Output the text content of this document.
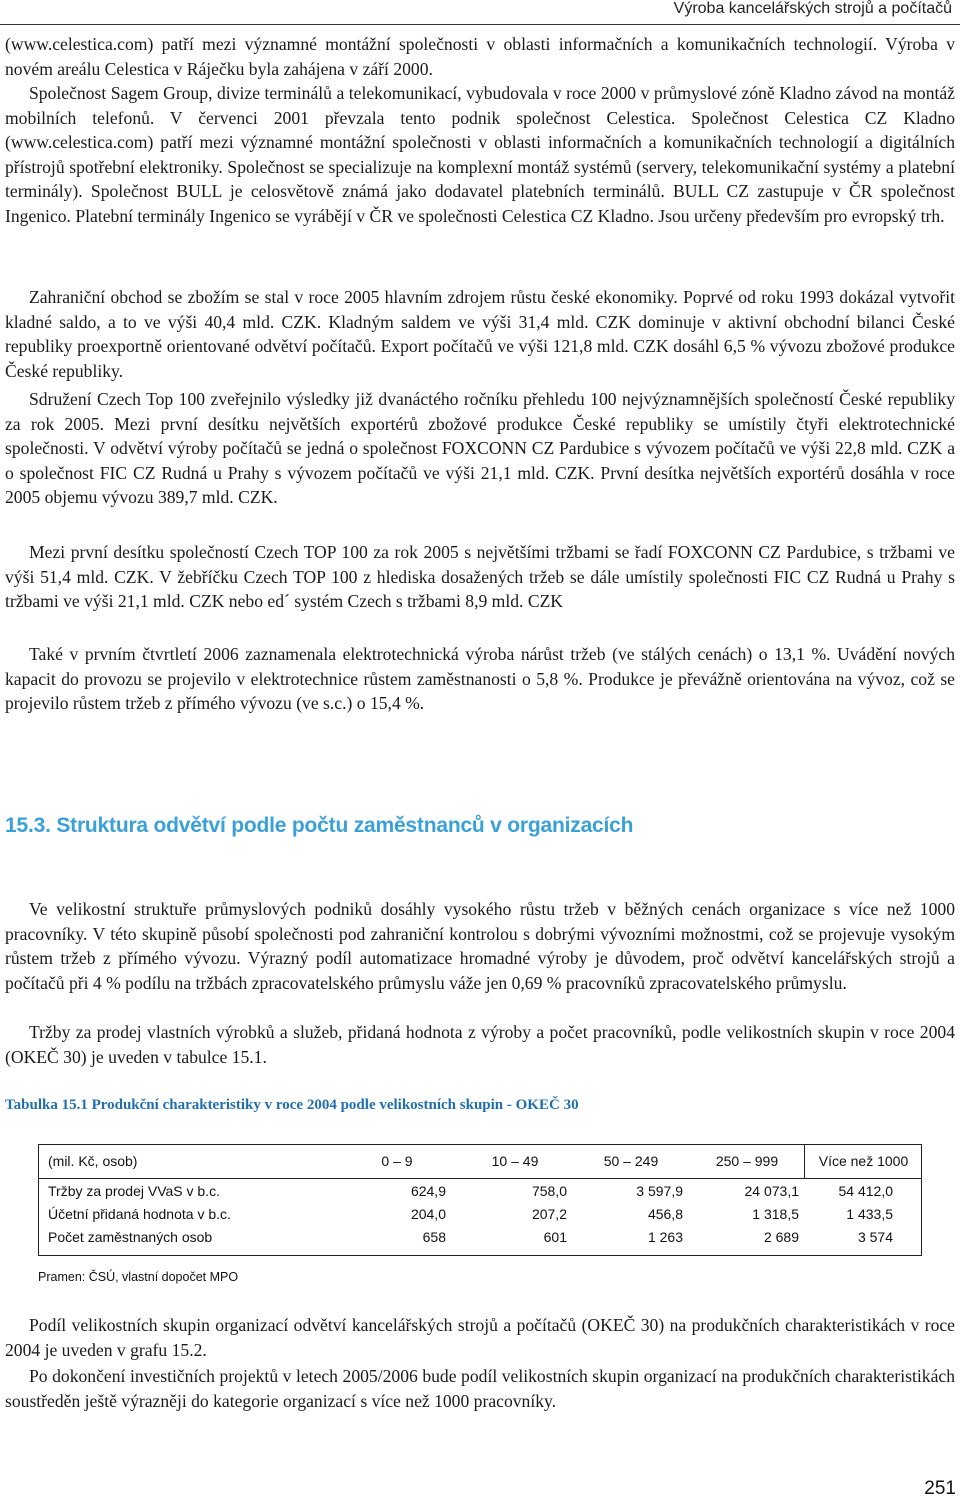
Výroba kancelářských strojů a počítačů

(www.celestica.com) patří mezi významné montážní společnosti v oblasti informačních a komunikačních technologií. Výroba v novém areálu Celestica v Ráječku byla zahájena v září 2000.

Společnost Sagem Group, divize terminálů a telekomunikací, vybudovala v roce 2000 v průmyslové zóně Kladno závod na montáž mobilních telefonů. V červenci 2001 převzala tento podnik společnost Celestica. Společnost Celestica CZ Kladno (www.celestica.com) patří mezi významné montážní společnosti v oblasti informačních a komunikačních technologií a digitálních přístrojů spotřební elektroniky. Společnost se specializuje na komplexní montáž systémů (servery, telekomunikační systémy a platební terminály). Společnost BULL je celosvětově známá jako dodavatel platebních terminálů. BULL CZ zastupuje v ČR společnost Ingenico. Platební terminály Ingenico se vyrábějí v ČR ve společnosti Celestica CZ Kladno. Jsou určeny především pro evropský trh.

Zahraniční obchod se zbožím se stal v roce 2005 hlavním zdrojem růstu české ekonomiky. Poprvé od roku 1993 dokázal vytvořit kladné saldo, a to ve výši 40,4 mld. CZK. Kladným saldem ve výši 31,4 mld. CZK dominuje v aktivní obchodní bilanci České republiky proexportně orientované odvětví počítačů. Export počítačů ve výši 121,8 mld. CZK dosáhl 6,5 % vývozu zbožové produkce České republiky.

Sdružení Czech Top 100 zveřejnilo výsledky již dvanáctého ročníku přehledu 100 nejvýznamnějších společností České republiky za rok 2005. Mezi první desítku největších exportérů zbožové produkce České republiky se umístily čtyři elektrotechnické společnosti. V odvětví výroby počítačů se jedná o společnost FOXCONN CZ Pardubice s vývozem počítačů ve výši 22,8 mld. CZK a o společnost FIC CZ Rudná u Prahy s vývozem počítačů ve výši 21,1 mld. CZK. První desítka největších exportérů dosáhla v roce 2005 objemu vývozu 389,7 mld. CZK.

Mezi první desítku společností Czech TOP 100 za rok 2005 s největšími tržbami se řadí FOXCONN CZ Pardubice, s tržbami ve výši 51,4 mld. CZK. V žebříčku Czech TOP 100 z hlediska dosažených tržeb se dále umístily společnosti FIC CZ Rudná u Prahy s tržbami ve výši 21,1 mld. CZK nebo ed´ systém Czech s tržbami 8,9 mld. CZK

Také v prvním čtvrtletí 2006 zaznamenala elektrotechnická výroba nárůst tržeb (ve stálých cenách) o 13,1 %. Uvádění nových kapacit do provozu se projevilo v elektrotechnice růstem zaměstnanosti o 5,8 %. Produkce je převážně orientována na vývoz, což se projevilo růstem tržeb z přímého vývozu (ve s.c.) o 15,4 %.

15.3. Struktura odvětví podle počtu zaměstnanců v organizacích

Ve velikostní struktuře průmyslových podniků dosáhly vysokého růstu tržeb v běžných cenách organizace s více než 1000 pracovníky. V této skupině působí společnosti pod zahraniční kontrolou s dobrými vývozními možnostmi, což se projevuje vysokým růstem tržeb z přímého vývozu. Výrazný podíl automatizace hromadné výroby je důvodem, proč odvětví kancelářských strojů a počítačů při 4 % podílu na tržbách zpracovatelského průmyslu váže jen 0,69 % pracovníků zpracovatelského průmyslu.

Tržby za prodej vlastních výrobků a služeb, přidaná hodnota z výroby a počet pracovníků, podle velikostních skupin v roce 2004 (OKEČ 30) je uveden v tabulce 15.1.

Tabulka 15.1 Produkční charakteristiky v roce 2004 podle velikostních skupin - OKEČ 30
(mil. Kč, osob)	0 – 9	10 – 49	50 – 249	250 – 999	Více než 1000
Tržby za prodej VVaS v b.c.	624,9	758,0	3 597,9	24 073,1	54 412,0
Účetní přidaná hodnota v b.c.	204,0	207,2	456,8	1 318,5	1 433,5
Počet zaměstnaných osob	658	601	1 263	2 689	3 574
Pramen: ČSÚ, vlastní dopočet MPO

Podíl velikostních skupin organizací odvětví kancelářských strojů a počítačů (OKEČ 30) na produkčních charakteristikách v roce 2004 je uveden v grafu 15.2.

Po dokončení investičních projektů v letech 2005/2006 bude podíl velikostních skupin organizací na produkčních charakteristikách soustředěn ještě výrazněji do kategorie organizací s více než 1000 pracovníky.

251
